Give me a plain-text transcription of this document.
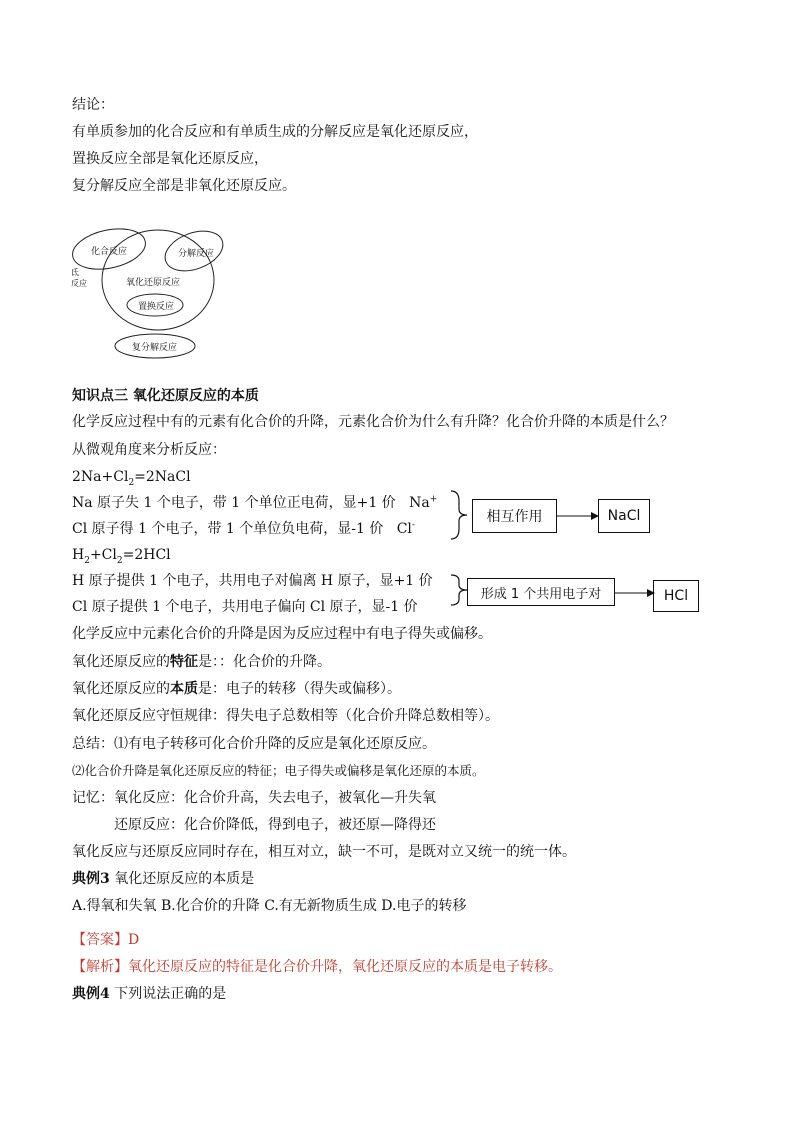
结论：
有单质参加的化合反应和有单质生成的分解反应是氧化还原反应，
置换反应全部是氧化还原反应，
复分解反应全部是非氧化还原反应。
化合反应	分解反应
氧化还原反应
置换反应
复分解反应
氐
反应
知识点三 氧化还原反应的本质
化学反应过程中有的元素有化合价的升降，元素化合价为什么有升降？化合价升降的本质是什么？
从微观角度来分析反应：
$2Na+Cl_2=2NaCl$
Na 原子失 1 个电子，带 1 个单位正电荷，显+1 价 Na+
Cl 原子得 1 个电子，带 1 个单位负电荷，显-1 价 Cl-
相互作用	NaCl
$H_2+Cl_2=2HCl$
H 原子提供 1 个电子，共用电子对偏离 H 原子，显+1 价
Cl 原子提供 1 个电子，共用电子偏向 Cl 原子，显-1 价
形成 1 个共用电子对	HCl
化学反应中元素化合价的升降是因为反应过程中有电子得失或偏移。
氧化还原反应的特征是：：化合价的升降。
氧化还原反应的本质是：电子的转移（得失或偏移）。
氧化还原反应守恒规律：得失电子总数相等（化合价升降总数相等）。
总结：⑴有电子转移可化合价升降的反应是氧化还原反应。
⑵化合价升降是氧化还原反应的特征；电子得失或偏移是氧化还原的本质。
记忆：氧化反应：化合价升高，失去电子，被氧化—升失氧
还原反应：化合价降低，得到电子，被还原—降得还
氧化反应与还原反应同时存在，相互对立，缺一不可，是既对立又统一的统一体。
典例3 氧化还原反应的本质是
A.得氧和失氧 B.化合价的升降 C.有无新物质生成 D.电子的转移
【答案】D
【解析】氧化还原反应的特征是化合价升降，氧化还原反应的本质是电子转移。
典例4 下列说法正确的是
